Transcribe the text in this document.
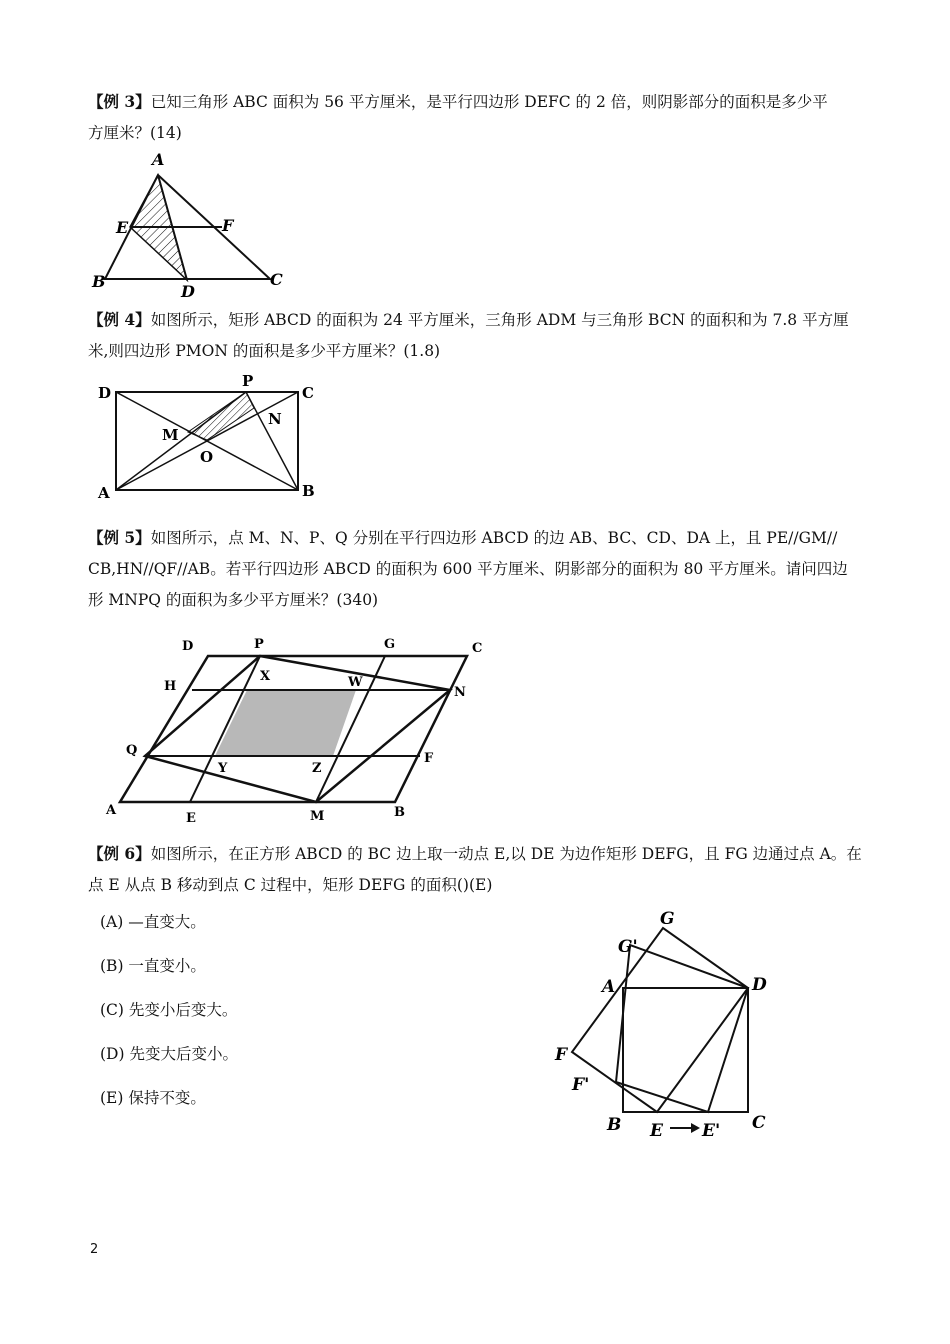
【例 3】已知三角形 ABC 面积为 56 平方厘米，是平行四边形 DEFC 的 2 倍，则阴影部分的面积是多少平
方厘米？(14)

A
E	F
B
D
C

【例 4】如图所示，矩形 ABCD 的面积为 24 平方厘米，三角形 ADM 与三角形 BCN 的面积和为 7.8 平方厘
米,则四边形 PMON 的面积是多少平方厘米？(1.8)

D
P
C
M
N
O
A	B

【例 5】如图所示，点 M、N、P、Q 分别在平行四边形 ABCD 的边 AB、BC、CD、DA 上，且 PE//GM//
CB,HN//QF//AB。若平行四边形 ABCD 的面积为 600 平方厘米、阴影部分的面积为 80 平方厘米。请问四边
形 MNPQ 的面积为多少平方厘米？(340)

D	P	G	C
H
X	W
N
Q
Y	Z
F
A
E	M	B

【例 6】如图所示，在正方形 ABCD 的 BC 边上取一动点 E,以 DE 为边作矩形 DEFG，且 FG 边通过点 A。在
点 E 从点 B 移动到点 C 过程中，矩形 DEFG 的面积()(E)

(A) —直变大。
(B) 一直变小。
(C) 先变小后变大。
(D) 先变大后变小。
(E) 保持不变。
G
G'
A	D
F
F'
B E E' C
2
